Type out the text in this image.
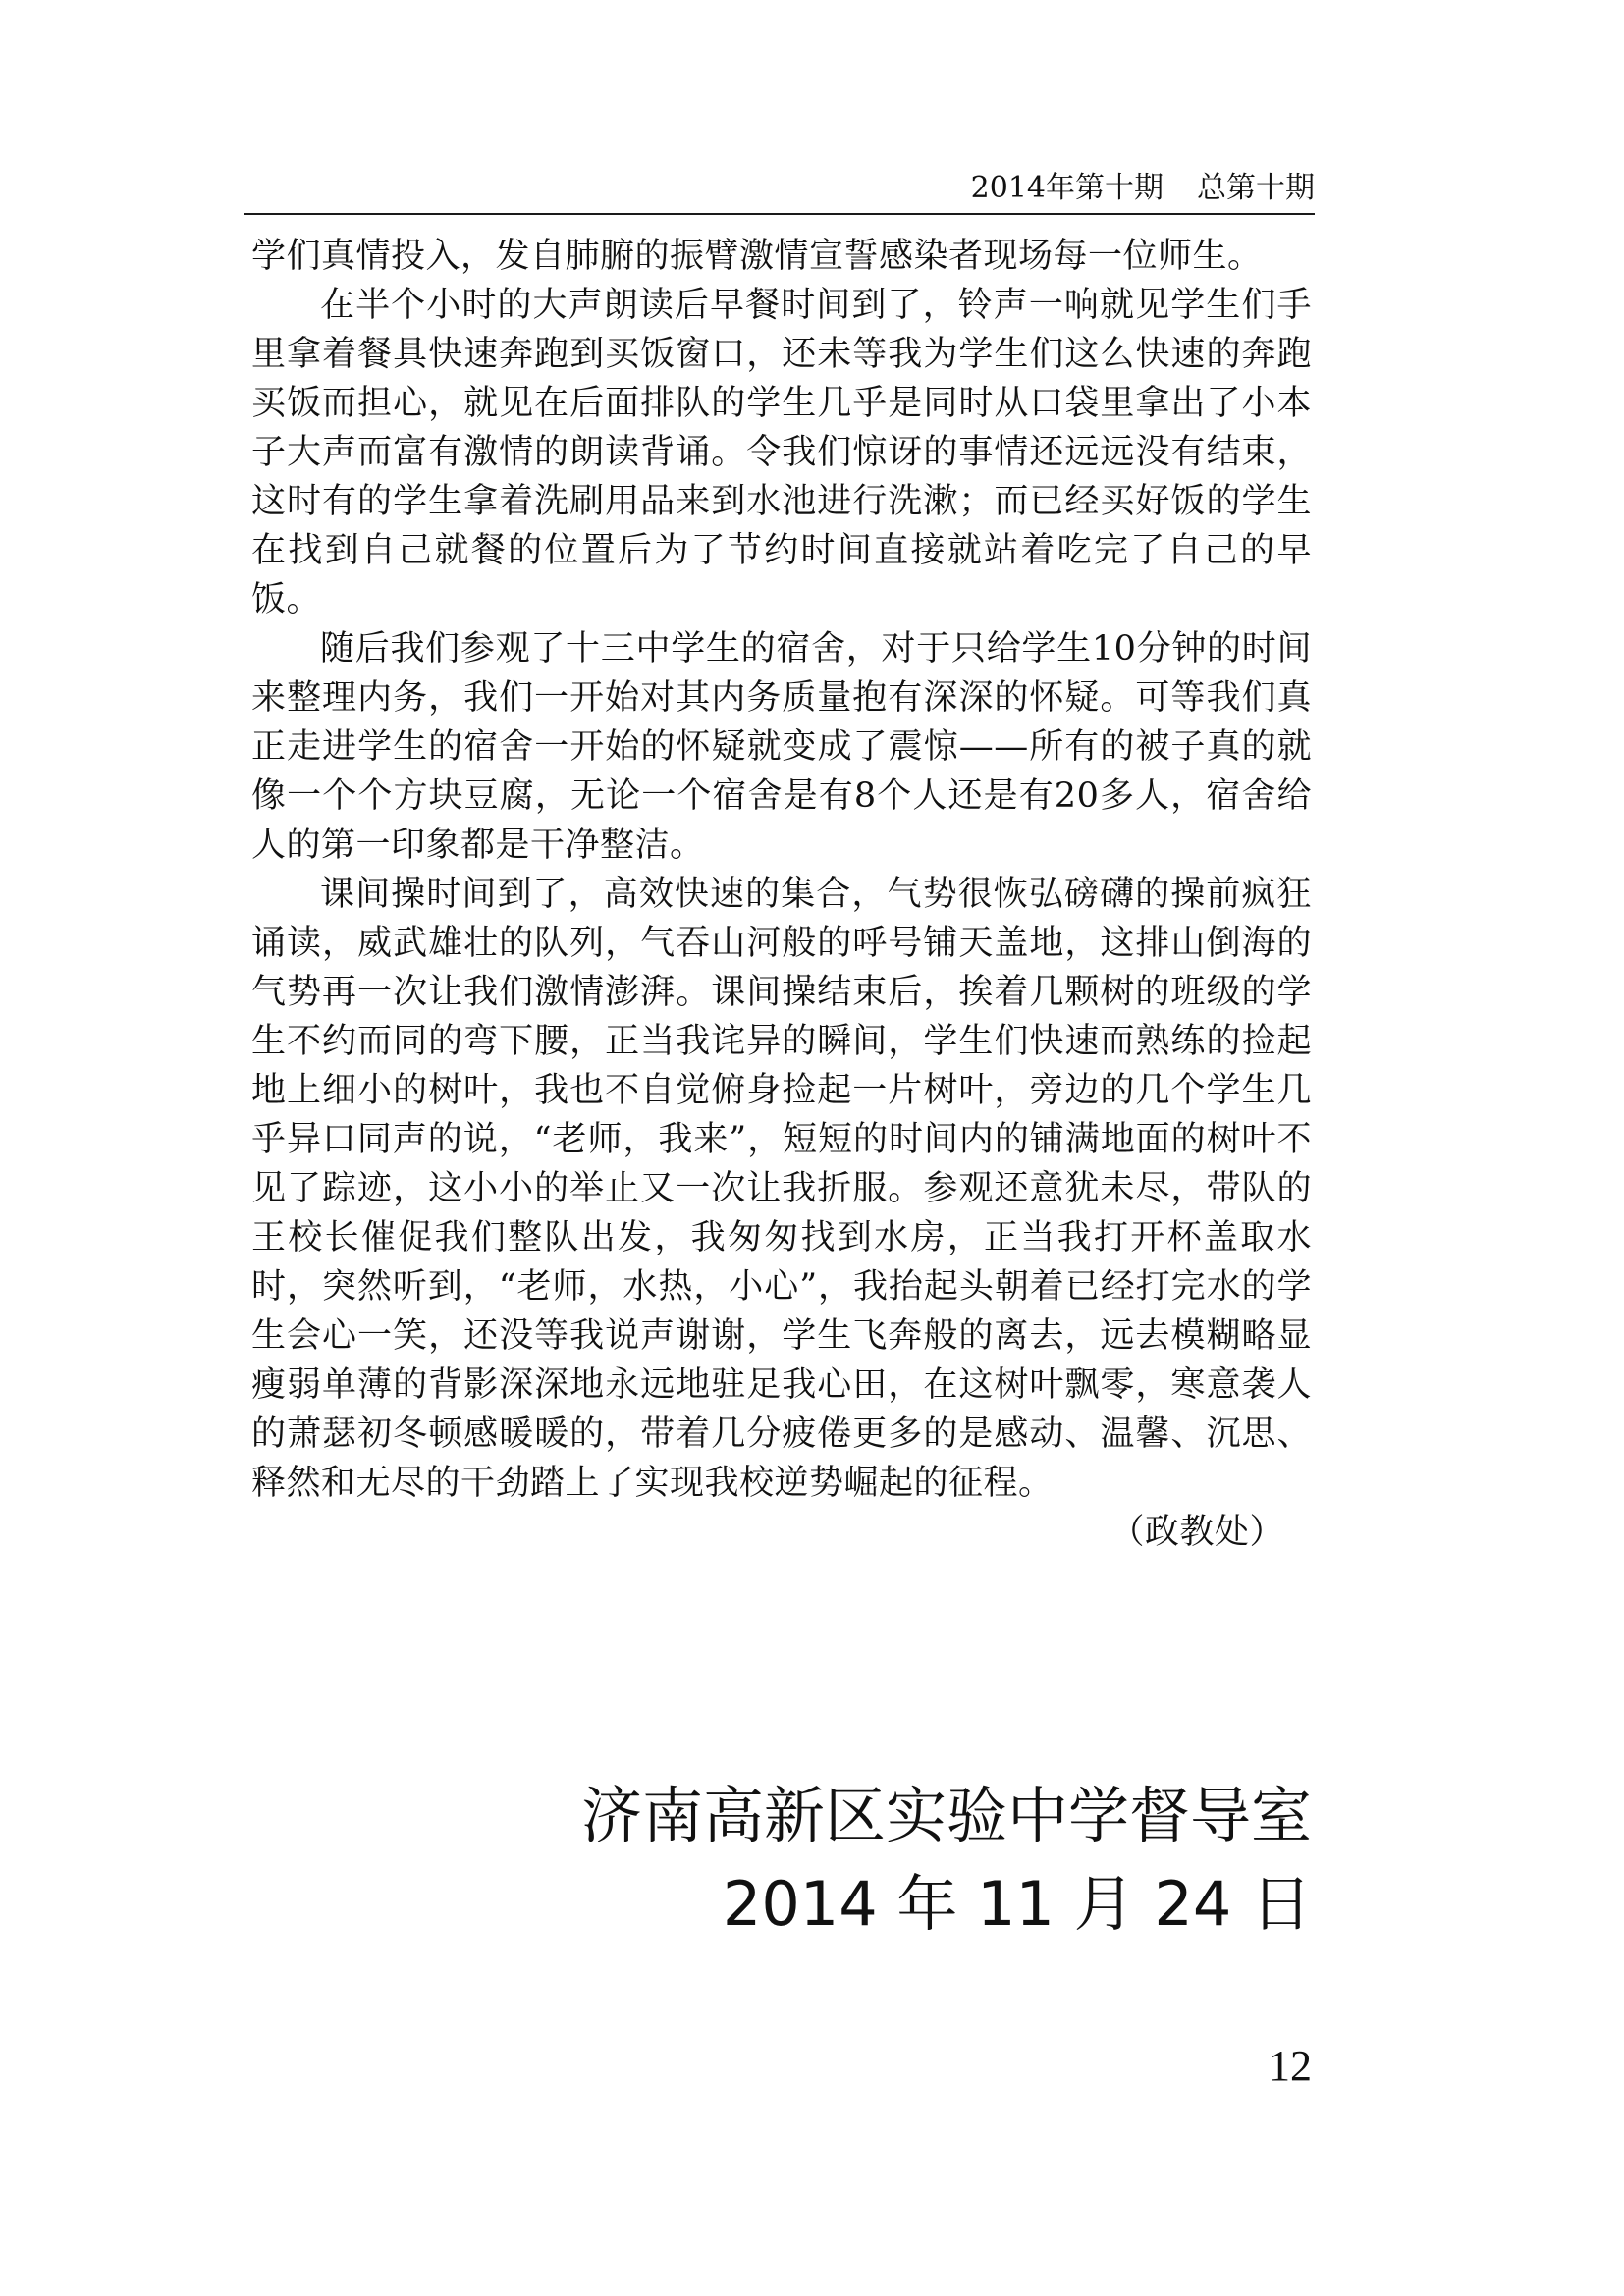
2014年第十期 总第十期

学们真情投入，发自肺腑的振臂激情宣誓感染者现场每一位师生。

在半个小时的大声朗读后早餐时间到了，铃声一响就见学生们手里拿着餐具快速奔跑到买饭窗口，还未等我为学生们这么快速的奔跑买饭而担心，就见在后面排队的学生几乎是同时从口袋里拿出了小本子大声而富有激情的朗读背诵。令我们惊讶的事情还远远没有结束，这时有的学生拿着洗刷用品来到水池进行洗漱；而已经买好饭的学生在找到自己就餐的位置后为了节约时间直接就站着吃完了自己的早饭。

随后我们参观了十三中学生的宿舍，对于只给学生10分钟的时间来整理内务，我们一开始对其内务质量抱有深深的怀疑。可等我们真正走进学生的宿舍一开始的怀疑就变成了震惊——所有的被子真的就像一个个方块豆腐，无论一个宿舍是有8个人还是有20多人，宿舍给人的第一印象都是干净整洁。

课间操时间到了，高效快速的集合，气势很恢弘磅礴的操前疯狂诵读，威武雄壮的队列，气吞山河般的呼号铺天盖地，这排山倒海的气势再一次让我们激情澎湃。课间操结束后，挨着几颗树的班级的学生不约而同的弯下腰，正当我诧异的瞬间，学生们快速而熟练的捡起地上细小的树叶，我也不自觉俯身捡起一片树叶，旁边的几个学生几乎异口同声的说，“老师，我来”，短短的时间内的铺满地面的树叶不见了踪迹，这小小的举止又一次让我折服。参观还意犹未尽，带队的王校长催促我们整队出发，我匆匆找到水房，正当我打开杯盖取水时，突然听到，“老师，水热，小心”，我抬起头朝着已经打完水的学生会心一笑，还没等我说声谢谢，学生飞奔般的离去，远去模糊略显瘦弱单薄的背影深深地永远地驻足我心田，在这树叶飘零，寒意袭人的萧瑟初冬顿感暖暖的，带着几分疲倦更多的是感动、温馨、沉思、释然和无尽的干劲踏上了实现我校逆势崛起的征程。

（政教处）

济南高新区实验中学督导室
2014 年 11 月 24 日
12
